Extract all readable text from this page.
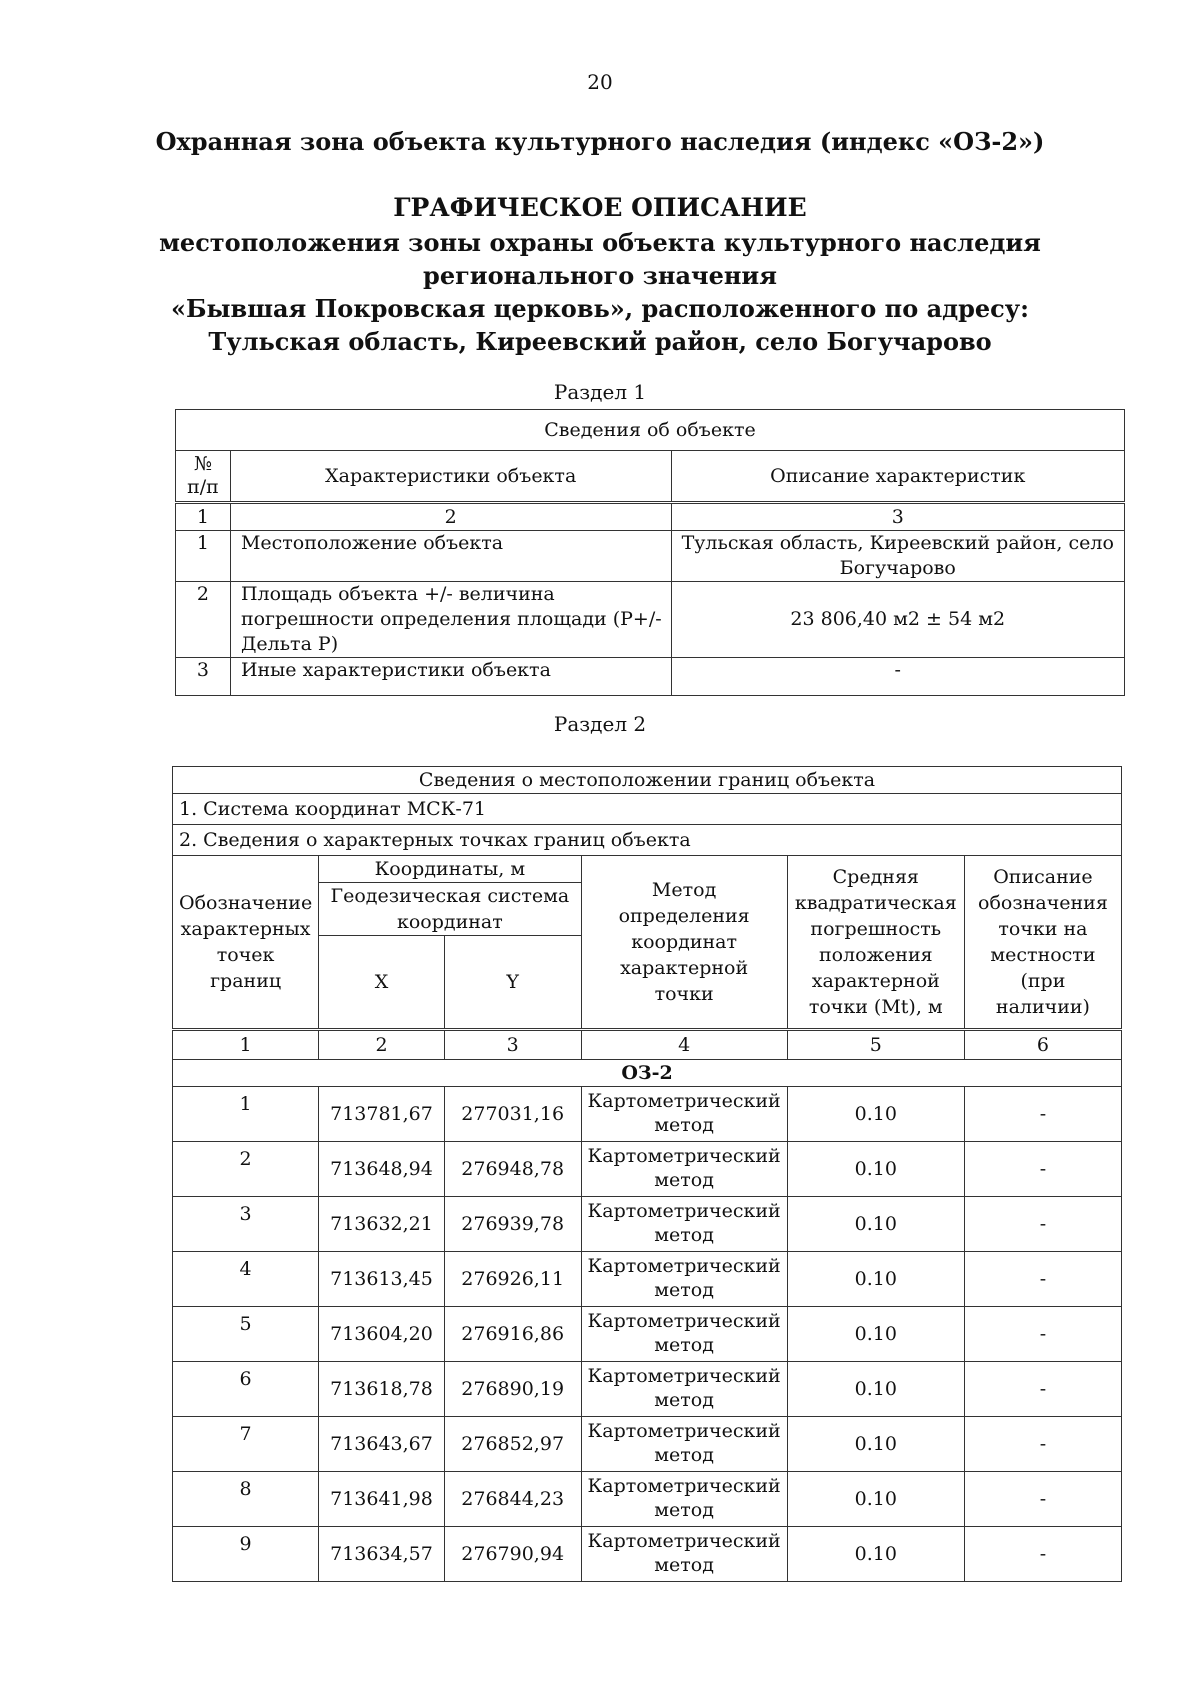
20
Охранная зона объекта культурного наследия (индекс «ОЗ-2»)
ГРАФИЧЕСКОЕ ОПИСАНИЕ
местоположения зоны охраны объекта культурного наследия
регионального значения
«Бывшая Покровская церковь», расположенного по адресу:
Тульская область, Киреевский район, село Богучарово
Раздел 1
Сведения об объекте		
№ п/п	Характеристики объекта	Описание характеристик
1	2	3
1	Местоположение объекта	Тульская область, Киреевский район, село Богучарово
2	Площадь объекта +/- величина погрешности определения площади (P+/- Дельта P)	23 806,40 м2 ± 54 м2
3	Иные характеристики объекта	-
Раздел 2
Сведения о местоположении границ объекта					
1. Система координат МСК-71					
2. Сведения о характерных точках границ объекта					
Обозначение характерных точек границ	Координаты, м		Метод определения координат характерной точки	Средняя квадратическая погрешность положения характерной точки (Mt), м	Описание обозначения точки на местности (при наличии)
	Геодезическая система координат				
	X	Y			
1	2	3	4	5	6
ОЗ-2					
1	713781,67	277031,16	Картометрический метод	0.10	-
2	713648,94	276948,78	Картометрический метод	0.10	-
3	713632,21	276939,78	Картометрический метод	0.10	-
4	713613,45	276926,11	Картометрический метод	0.10	-
5	713604,20	276916,86	Картометрический метод	0.10	-
6	713618,78	276890,19	Картометрический метод	0.10	-
7	713643,67	276852,97	Картометрический метод	0.10	-
8	713641,98	276844,23	Картометрический метод	0.10	-
9	713634,57	276790,94	Картометрический метод	0.10	-
